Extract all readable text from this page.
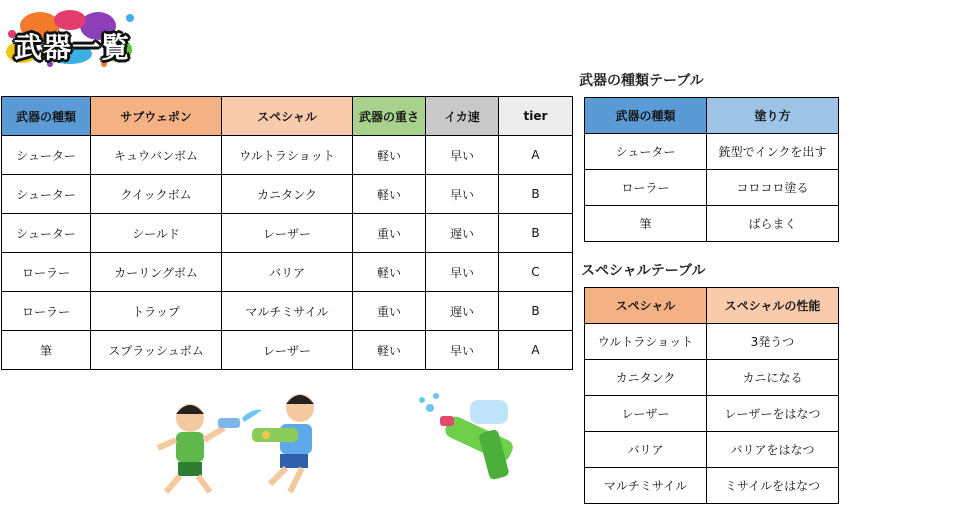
武器一覧
武器の種類	サブウェポン	スペシャル	武器の重さ	イカ速	tier
シューター	キュウバンボム	ウルトラショット	軽い	早い	A
シューター	クイックボム	カニタンク	軽い	早い	B
シューター	シールド	レーザー	重い	遅い	B
ローラー	カーリングボム	バリア	軽い	早い	C
ローラー	トラップ	マルチミサイル	重い	遅い	B
筆	スプラッシュボム	レーザー	軽い	早い	A
武器の種類テーブル
武器の種類	塗り方
シューター	銃型でインクを出す
ローラー	コロコロ塗る
筆	ばらまく
スペシャルテーブル
スペシャル	スペシャルの性能
ウルトラショット	3発うつ
カニタンク	カニになる
レーザー	レーザーをはなつ
バリア	バリアをはなつ
マルチミサイル	ミサイルをはなつ
